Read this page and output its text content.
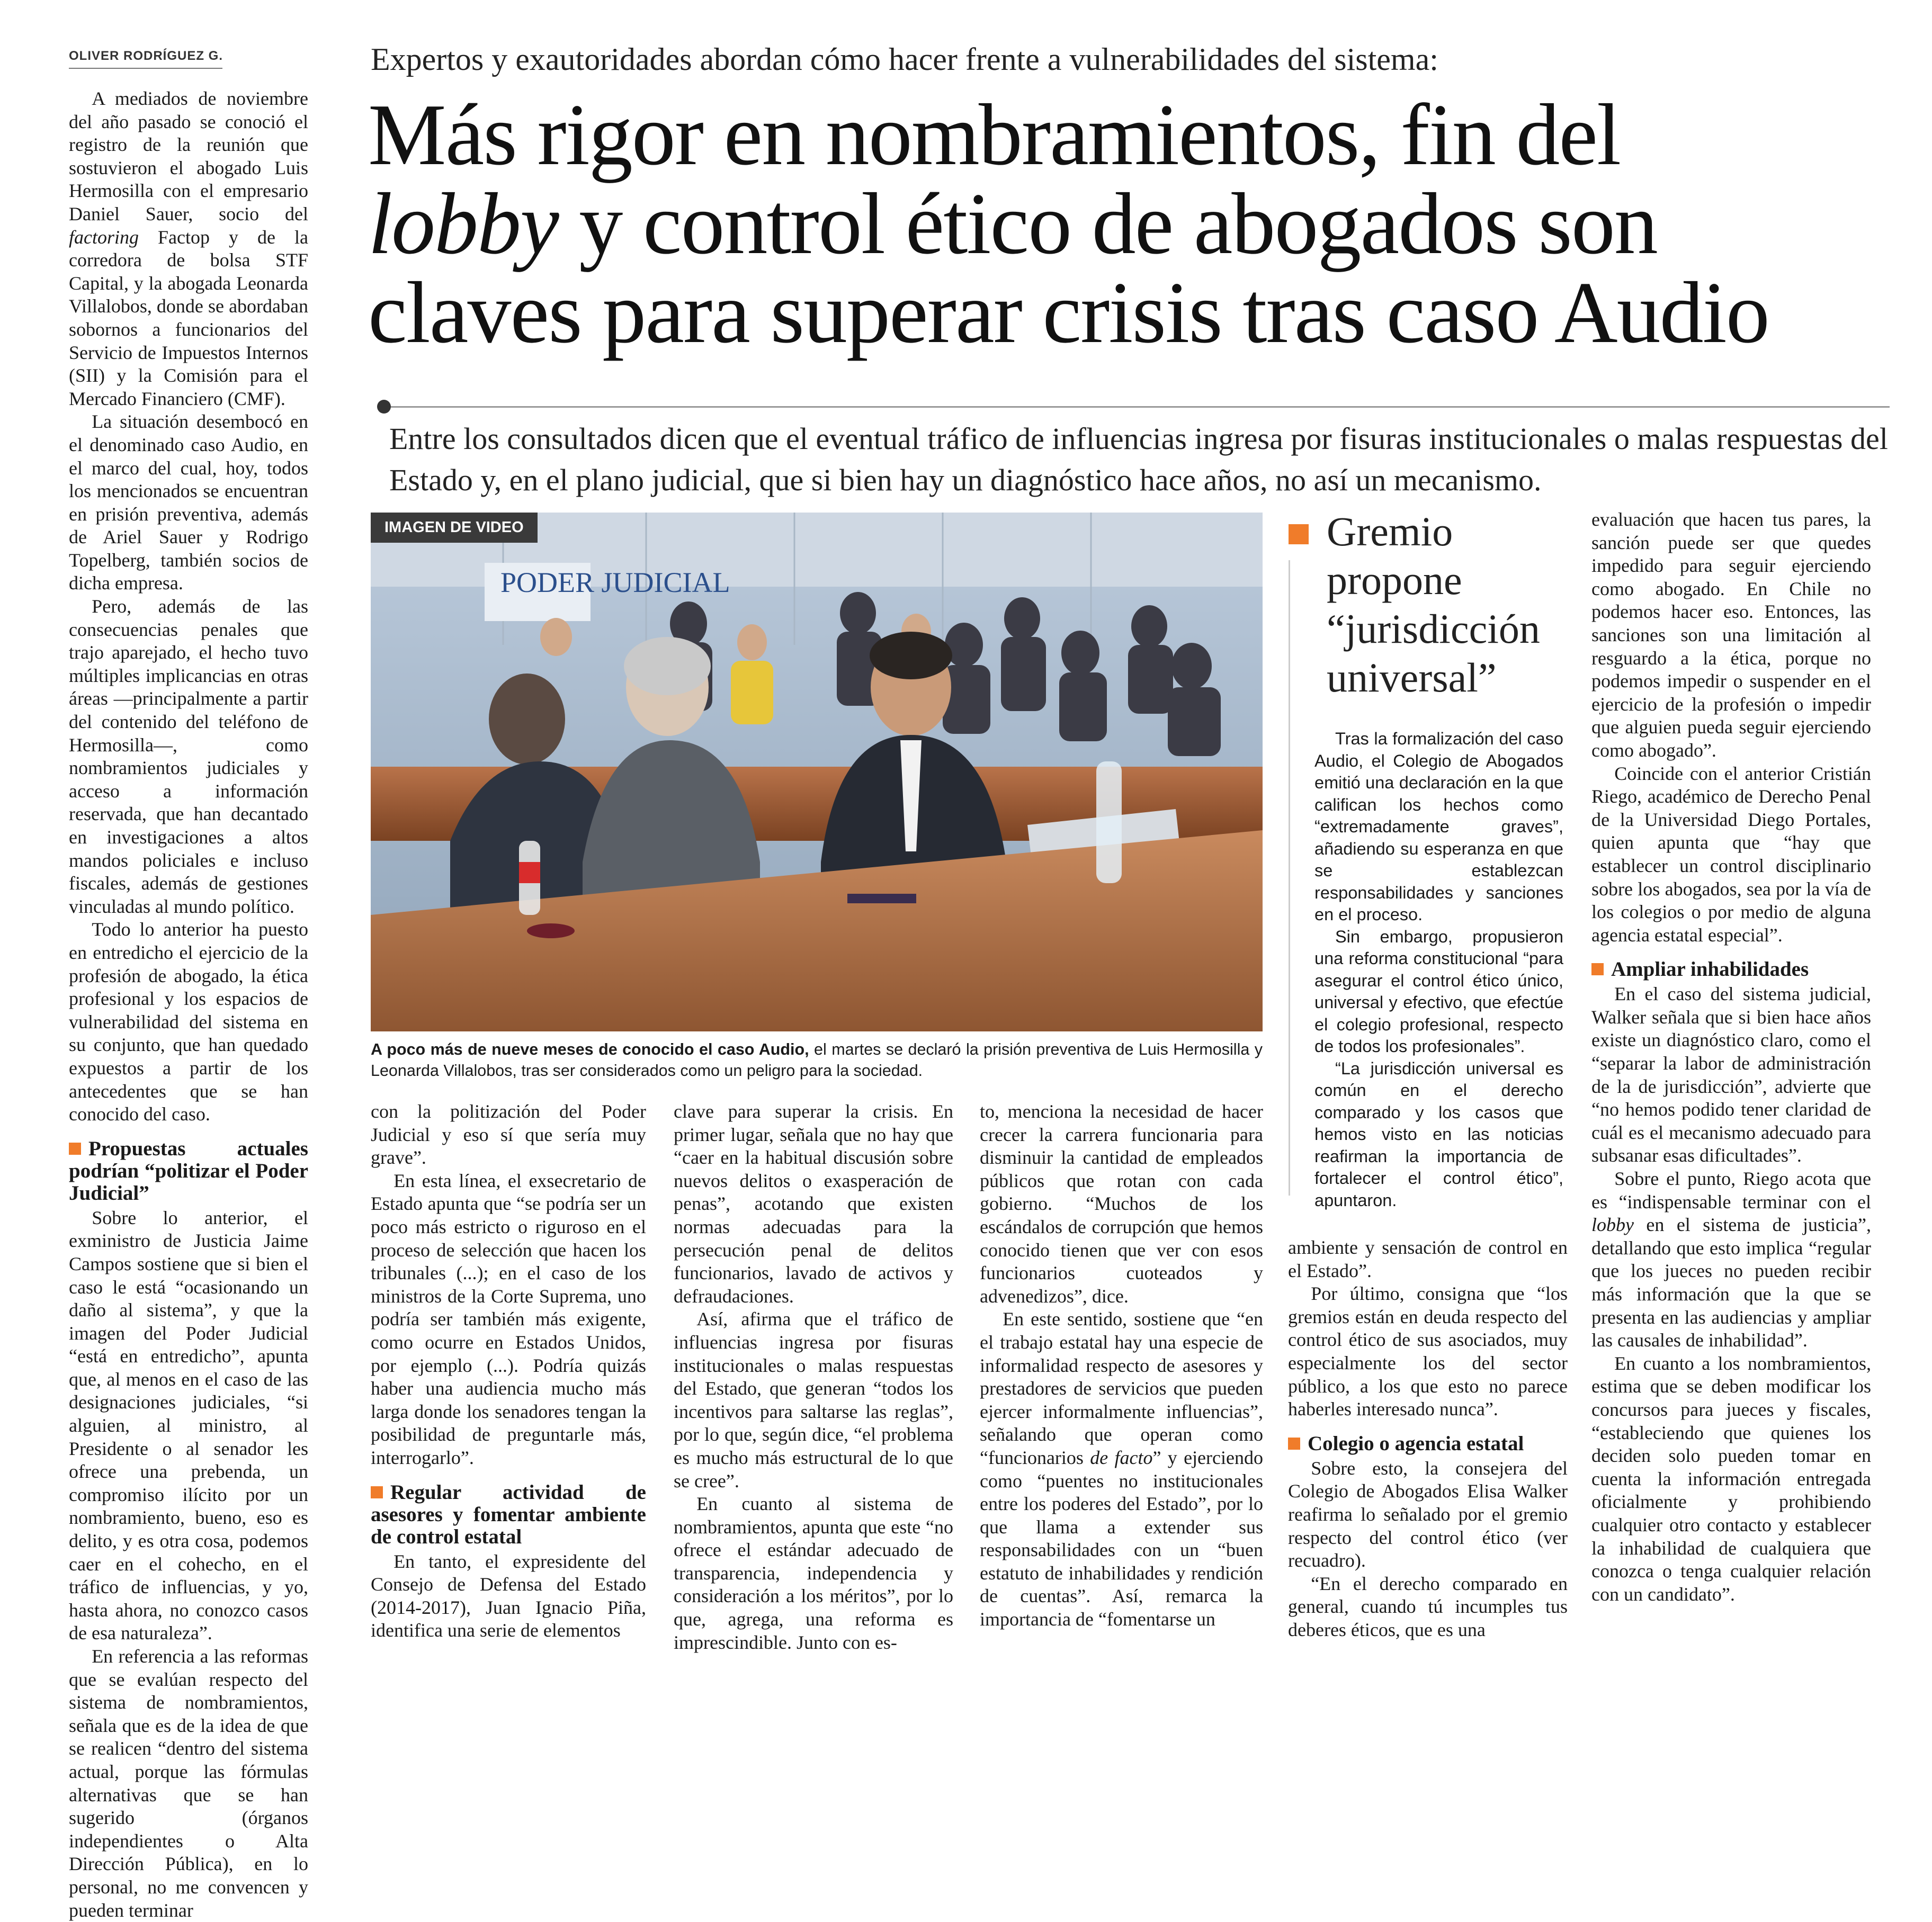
OLIVER RODRÍGUEZ G.	Expertos y exautoridades abordan cómo hacer frente a vulnerabilidades del sistema:
Más rigor en nombramientos, fin del
lobby y control ético de abogados son
claves para superar crisis tras caso Audio
Entre los consultados dicen que el eventual tráfico de influencias ingresa por fisuras institucionales o malas respuestas del Estado y, en el plano judicial, que si bien hay un diagnóstico hace años, no así un mecanismo.

A mediados de noviembre del año pasado se conoció el registro de la reunión que sostuvieron el abogado Luis Hermosilla con el empresario Daniel Sauer, socio del factoring Factop y de la corredora de bolsa STF Capital, y la abogada Leonarda Villalobos, donde se abordaban sobornos a funcionarios del Servicio de Impuestos Internos (SII) y la Comisión para el Mercado Financiero (CMF).

La situación desembocó en el denominado caso Audio, en el marco del cual, hoy, todos los mencionados se encuentran en prisión preventiva, además de Ariel Sauer y Rodrigo Topelberg, también socios de dicha empresa.

Pero, además de las consecuencias penales que trajo aparejado, el hecho tuvo múltiples implicancias en otras áreas —principalmente a partir del contenido del teléfono de Hermosilla—, como nombramientos judiciales y acceso a información reservada, que han decantado en investigaciones a altos mandos policiales e incluso fiscales, además de gestiones vinculadas al mundo político.

Todo lo anterior ha puesto en entredicho el ejercicio de la profesión de abogado, la ética profesional y los espacios de vulnerabilidad del sistema en su conjunto, que han quedado expuestos a partir de los antecedentes que se han conocido del caso.

Propuestas actuales podrían “politizar el Poder Judicial”

Sobre lo anterior, el exministro de Justicia Jaime Campos sostiene que si bien el caso le está “ocasionando un daño al sistema”, y que la imagen del Poder Judicial “está en entredicho”, apunta que, al menos en el caso de las designaciones judiciales, “si alguien, al ministro, al Presidente o al senador les ofrece una prebenda, un compromiso ilícito por un nombramiento, bueno, eso es delito, y es otra cosa, podemos caer en el cohecho, en el tráfico de influencias, y yo, hasta ahora, no conozco casos de esa naturaleza”.

En referencia a las reformas que se evalúan respecto del sistema de nombramientos, señala que es de la idea de que se realicen “dentro del sistema actual, porque las fórmulas alternativas que se han sugerido (órganos independientes o Alta Dirección Pública), en lo personal, no me convencen y pueden terminar

PODER JUDICIAL
IMAGEN DE VIDEO
A poco más de nueve meses de conocido el caso Audio, el martes se declaró la prisión preventiva de Luis Hermosilla y Leonarda Villalobos, tras ser considerados como un peligro para la sociedad.

con la politización del Poder Judicial y eso sí que sería muy grave”.

En esta línea, el exsecretario de Estado apunta que “se podría ser un poco más estricto o riguroso en el proceso de selección que hacen los tribunales (...); en el caso de los ministros de la Corte Suprema, uno podría ser también más exigente, como ocurre en Estados Unidos, por ejemplo (...). Podría quizás haber una audiencia mucho más larga donde los senadores tengan la posibilidad de preguntarle más, interrogarlo”.

Regular actividad de asesores y fomentar ambiente de control estatal

En tanto, el expresidente del Consejo de Defensa del Estado (2014-2017), Juan Ignacio Piña, identifica una serie de elementos

clave para superar la crisis. En primer lugar, señala que no hay que “caer en la habitual discusión sobre nuevos delitos o exasperación de penas”, acotando que existen normas adecuadas para la persecución penal de delitos funcionarios, lavado de activos y defraudaciones.

Así, afirma que el tráfico de influencias ingresa por fisuras institucionales o malas respuestas del Estado, que generan “todos los incentivos para saltarse las reglas”, por lo que, según dice, “el problema es mucho más estructural de lo que se cree”.

En cuanto al sistema de nombramientos, apunta que este “no ofrece el estándar adecuado de transparencia, independencia y consideración a los méritos”, por lo que, agrega, una reforma es imprescindible. Junto con es-

to, menciona la necesidad de hacer crecer la carrera funcionaria para disminuir la cantidad de empleados públicos que rotan con cada gobierno. “Muchos de los escándalos de corrupción que hemos conocido tienen que ver con esos funcionarios cuoteados y advenedizos”, dice.

En este sentido, sostiene que “en el trabajo estatal hay una especie de informalidad respecto de asesores y prestadores de servicios que pueden ejercer informalmente influencias”, señalando que operan como “funcionarios de facto” y ejerciendo como “puentes no institucionales entre los poderes del Estado”, por lo que llama a extender sus responsabilidades con un “buen estatuto de inhabilidades y rendición de cuentas”. Así, remarca la importancia de “fomentarse un

Gremio propone “jurisdicción universal”

Tras la formalización del caso Audio, el Colegio de Abogados emitió una declaración en la que califican los hechos como “extremadamente graves”, añadiendo su esperanza en que se establezcan responsabilidades y sanciones en el proceso.

Sin embargo, propusieron una reforma constitucional “para asegurar el control ético único, universal y efectivo, que efectúe el colegio profesional, respecto de todos los profesionales”.

“La jurisdicción universal es común en el derecho comparado y los casos que hemos visto en las noticias reafirman la importancia de fortalecer el control ético”, apuntaron.

ambiente y sensación de control en el Estado”.

Por último, consigna que “los gremios están en deuda respecto del control ético de sus asociados, muy especialmente los del sector público, a los que esto no parece haberles interesado nunca”.

Colegio o agencia estatal

Sobre esto, la consejera del Colegio de Abogados Elisa Walker reafirma lo señalado por el gremio respecto del control ético (ver recuadro).

“En el derecho comparado en general, cuando tú incumples tus deberes éticos, que es una

evaluación que hacen tus pares, la sanción puede ser que quedes impedido para seguir ejerciendo como abogado. En Chile no podemos hacer eso. Entonces, las sanciones son una limitación al resguardo a la ética, porque no podemos impedir o suspender en el ejercicio de la profesión o impedir que alguien pueda seguir ejerciendo como abogado”.

Coincide con el anterior Cristián Riego, académico de Derecho Penal de la Universidad Diego Portales, quien apunta que “hay que establecer un control disciplinario sobre los abogados, sea por la vía de los colegios o por medio de alguna agencia estatal especial”.

Ampliar inhabilidades

En el caso del sistema judicial, Walker señala que si bien hace años existe un diagnóstico claro, como el “separar la labor de administración de la de jurisdicción”, advierte que “no hemos podido tener claridad de cuál es el mecanismo adecuado para subsanar esas dificultades”.

Sobre el punto, Riego acota que es “indispensable terminar con el lobby en el sistema de justicia”, detallando que esto implica “regular que los jueces no pueden recibir más información que la que se presenta en las audiencias y ampliar las causales de inhabilidad”.

En cuanto a los nombramientos, estima que se deben modificar los concursos para jueces y fiscales, “estableciendo que quienes los deciden solo pueden tomar en cuenta la información entregada oficialmente y prohibiendo cualquier otro contacto y establecer la inhabilidad de cualquiera que conozca o tenga cualquier relación con un candidato”.
